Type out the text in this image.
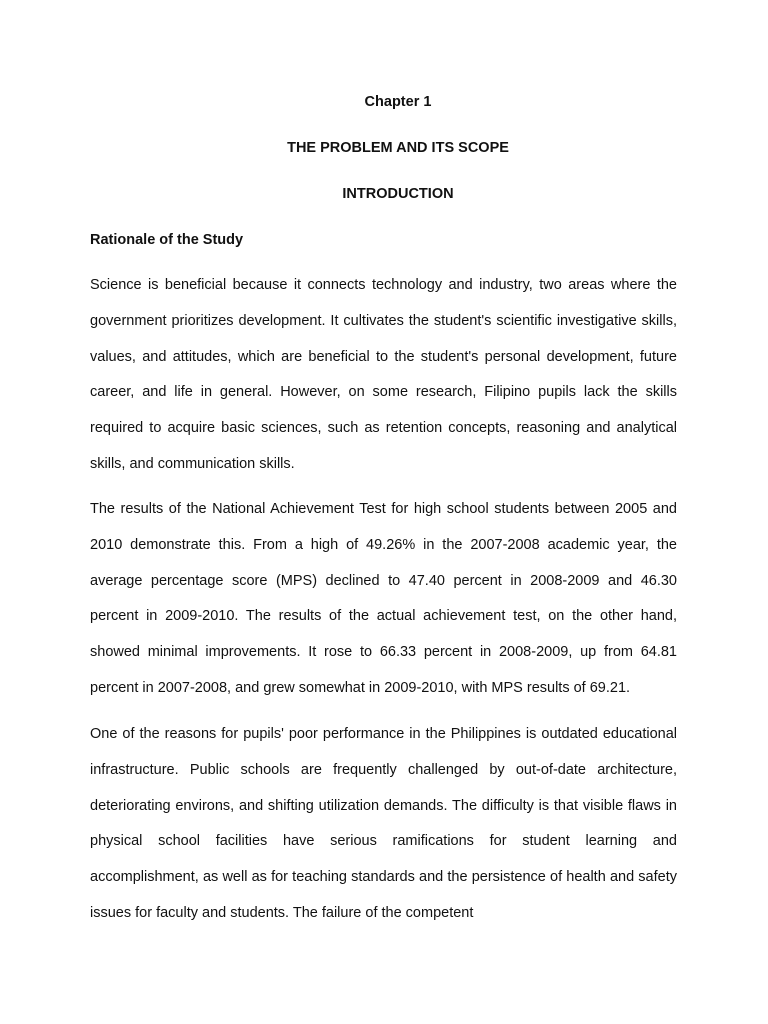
Chapter 1

THE PROBLEM AND ITS SCOPE

INTRODUCTION

Rationale of the Study

Science is beneficial because it connects technology and industry, two areas where the government prioritizes development. It cultivates the student's scientific investigative skills, values, and attitudes, which are beneficial to the student's personal development, future career, and life in general. However, on some research, Filipino pupils lack the skills required to acquire basic sciences, such as retention concepts, reasoning and analytical skills, and communication skills.

The results of the National Achievement Test for high school students between 2005 and 2010 demonstrate this. From a high of 49.26% in the 2007-2008 academic year, the average percentage score (MPS) declined to 47.40 percent in 2008-2009 and 46.30 percent in 2009-2010. The results of the actual achievement test, on the other hand, showed minimal improvements. It rose to 66.33 percent in 2008-2009, up from 64.81 percent in 2007-2008, and grew somewhat in 2009-2010, with MPS results of 69.21.

One of the reasons for pupils' poor performance in the Philippines is outdated educational infrastructure. Public schools are frequently challenged by out-of-date architecture, deteriorating environs, and shifting utilization demands. The difficulty is that visible flaws in physical school facilities have serious ramifications for student learning and accomplishment, as well as for teaching standards and the persistence of health and safety issues for faculty and students. The failure of the competent
